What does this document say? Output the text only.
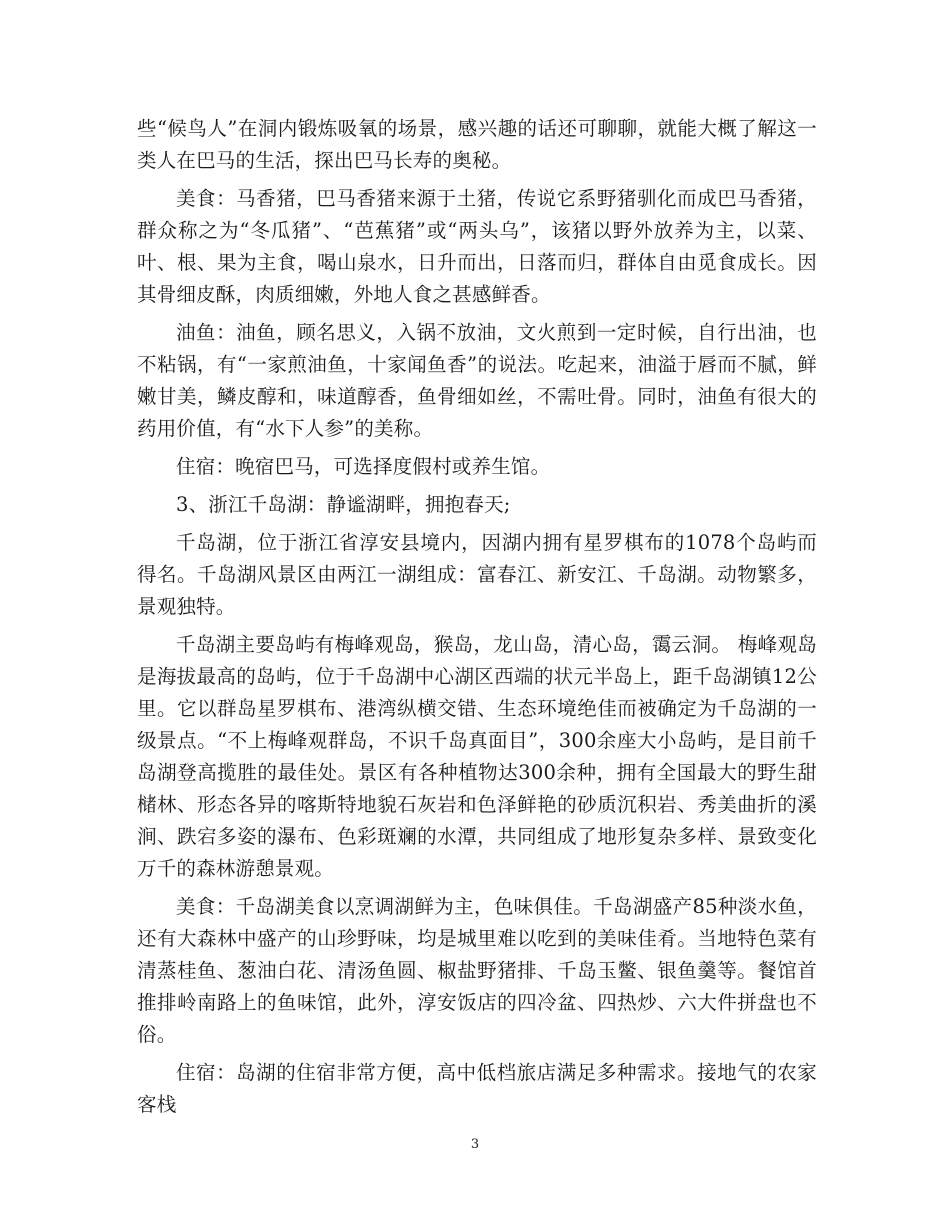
些“候鸟人”在洞内锻炼吸氧的场景，感兴趣的话还可聊聊，就能大概了解这一类人在巴马的生活，探出巴马长寿的奥秘。

美食：马香猪，巴马香猪来源于土猪，传说它系野猪驯化而成巴马香猪，群众称之为“冬瓜猪”、“芭蕉猪”或“两头乌”，该猪以野外放养为主，以菜、叶、根、果为主食，喝山泉水，日升而出，日落而归，群体自由觅食成长。因其骨细皮酥，肉质细嫩，外地人食之甚感鲜香。

油鱼：油鱼，顾名思义，入锅不放油，文火煎到一定时候，自行出油，也不粘锅，有“一家煎油鱼，十家闻鱼香”的说法。吃起来，油溢于唇而不腻，鲜嫩甘美，鳞皮醇和，味道醇香，鱼骨细如丝，不需吐骨。同时，油鱼有很大的药用价值，有“水下人参”的美称。

住宿：晚宿巴马，可选择度假村或养生馆。

3、浙江千岛湖：静谧湖畔，拥抱春天;

千岛湖，位于浙江省淳安县境内，因湖内拥有星罗棋布的1078个岛屿而得名。千岛湖风景区由两江一湖组成：富春江、新安江、千岛湖。动物繁多，景观独特。

千岛湖主要岛屿有梅峰观岛，猴岛，龙山岛，清心岛，霭云洞。 梅峰观岛是海拔最高的岛屿，位于千岛湖中心湖区西端的状元半岛上，距千岛湖镇12公里。它以群岛星罗棋布、港湾纵横交错、生态环境绝佳而被确定为千岛湖的一级景点。“不上梅峰观群岛，不识千岛真面目”，300余座大小岛屿，是目前千岛湖登高揽胜的最佳处。景区有各种植物达300余种，拥有全国最大的野生甜槠林、形态各异的喀斯特地貌石灰岩和色泽鲜艳的砂质沉积岩、秀美曲折的溪涧、跌宕多姿的瀑布、色彩斑斓的水潭，共同组成了地形复杂多样、景致变化万千的森林游憩景观。

美食：千岛湖美食以烹调湖鲜为主，色味俱佳。千岛湖盛产85种淡水鱼，还有大森林中盛产的山珍野味，均是城里难以吃到的美味佳肴。当地特色菜有清蒸桂鱼、葱油白花、清汤鱼圆、椒盐野猪排、千岛玉鳖、银鱼羹等。餐馆首推排岭南路上的鱼味馆，此外，淳安饭店的四冷盆、四热炒、六大件拼盘也不俗。

住宿：岛湖的住宿非常方便，高中低档旅店满足多种需求。接地气的农家客栈

3
